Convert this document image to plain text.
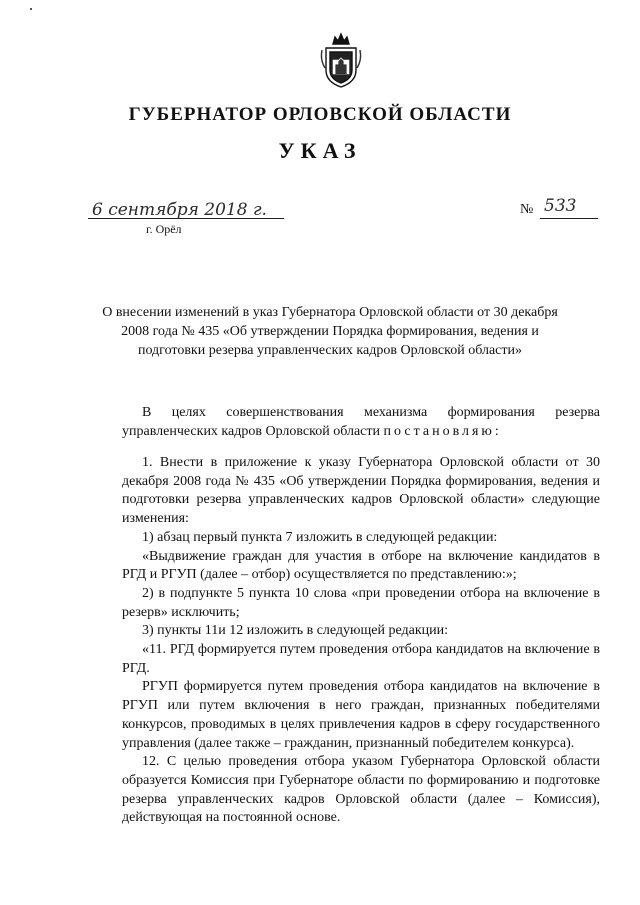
ГУБЕРНАТОР ОРЛОВСКОЙ ОБЛАСТИ
УКАЗ
6 сентября 2018 г.
г. Орёл
№ 533
О внесении изменений в указ Губернатора Орловской области от 30 декабря 2008 года № 435 «Об утверждении Порядка формирования, ведения и подготовки резерва управленческих кадров Орловской области»

В целях совершенствования механизма формирования резерва управленческих кадров Орловской области постановляю:

1. Внести в приложение к указу Губернатора Орловской области от 30 декабря 2008 года № 435 «Об утверждении Порядка формирования, ведения и подготовки резерва управленческих кадров Орловской области» следующие изменения:

1) абзац первый пункта 7 изложить в следующей редакции:

«Выдвижение граждан для участия в отборе на включение кандидатов в РГД и РГУП (далее – отбор) осуществляется по представлению:»;

2) в подпункте 5 пункта 10 слова «при проведении отбора на включение в резерв» исключить;

3) пункты 11и 12 изложить в следующей редакции:

«11. РГД формируется путем проведения отбора кандидатов на включение в РГД.

РГУП формируется путем проведения отбора кандидатов на включение в РГУП или путем включения в него граждан, признанных победителями конкурсов, проводимых в целях привлечения кадров в сферу государственного управления (далее также – гражданин, признанный победителем конкурса).

12. С целью проведения отбора указом Губернатора Орловской области образуется Комиссия при Губернаторе области по формированию и подготовке резерва управленческих кадров Орловской области (далее – Комиссия), действующая на постоянной основе.
